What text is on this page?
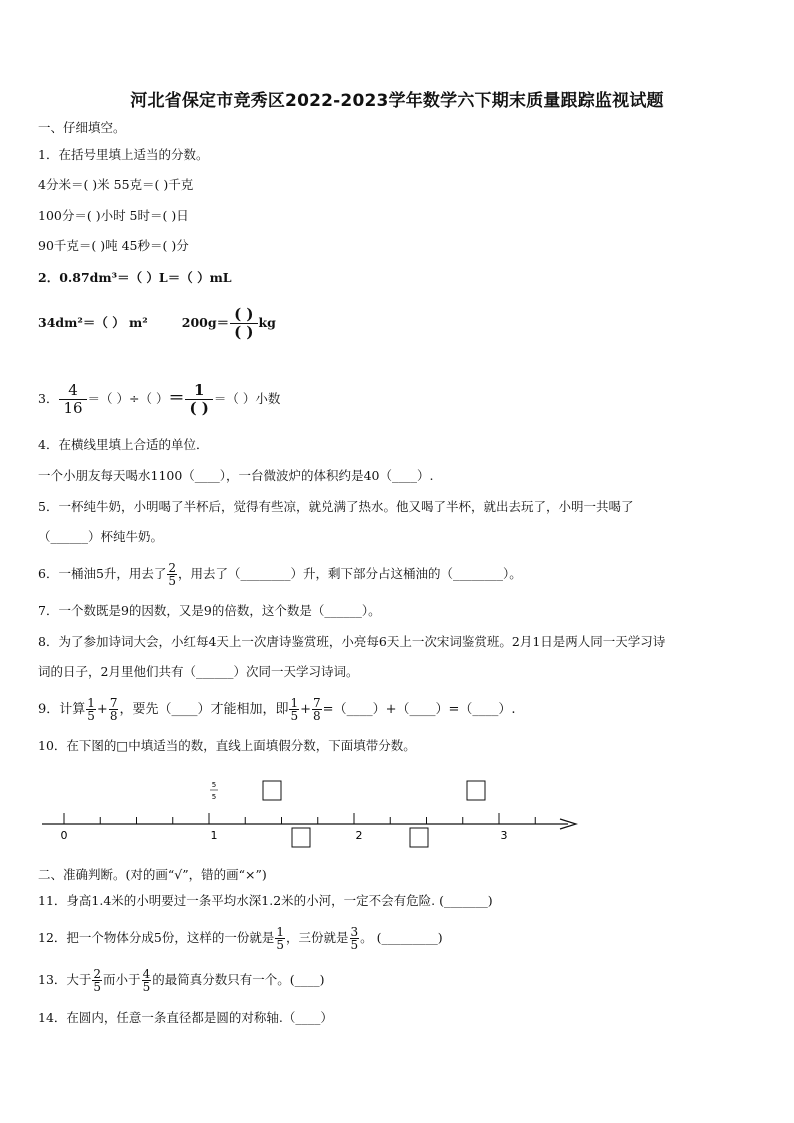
河北省保定市竞秀区2022-2023学年数学六下期末质量跟踪监视试题
一、仔细填空。
1．在括号里填上适当的分数。
4分米＝( )米 55克＝( )千克
100分＝( )小时 5时＝( )日
90千克＝( )吨 45秒＝( )分
2．0.87dm³＝（ ）L＝（ ）mL
34dm²＝（ ） m²	$200g= \frac{( )}{( )}$ kg
3． $\frac{4}{16}$ ＝（ ）÷（ ）＝ $\frac{1}{( )}$ ＝（ ）小数
4．在横线里填上合适的单位．
一个小朋友每天喝水1100（____），一台微波炉的体积约是40（____）.
5．一杯纯牛奶，小明喝了半杯后，觉得有些凉，就兑满了热水。他又喝了半杯，就出去玩了，小明一共喝了
（______）杯纯牛奶。
6．一桶油5升，用去了 $\frac{2}{5}$ ，用去了（________）升，剩下部分占这桶油的（________）。
7．一个数既是9的因数，又是9的倍数，这个数是（______）。
8．为了参加诗词大会，小红每4天上一次唐诗鉴赏班，小亮每6天上一次宋词鉴赏班。2月1日是两人同一天学习诗
词的日子，2月里他们共有（______）次同一天学习诗词。
9．计算 $\frac{1}{5} + \frac{7}{8}$ ，要先（____）才能相加，即 $\frac{1}{5} + \frac{7}{8}$ =（____）+（____）=（____）.
10．在下图的□中填适当的数，直线上面填假分数，下面填带分数。
0	1	2	3
5
5
二、准确判断。(对的画“√”，错的画“×”)
11．身高1.4米的小明要过一条平均水深1.2米的小河，一定不会有危险. (_______)
12．把一个物体分成5份，这样的一份就是 $\frac{1}{5}$ ，三份就是 $\frac{3}{5}$ 。 (_________)
13．大于 $\frac{2}{5}$ 而小于 $\frac{4}{5}$ 的最简真分数只有一个。(____)
14．在圆内，任意一条直径都是圆的对称轴.（____）
